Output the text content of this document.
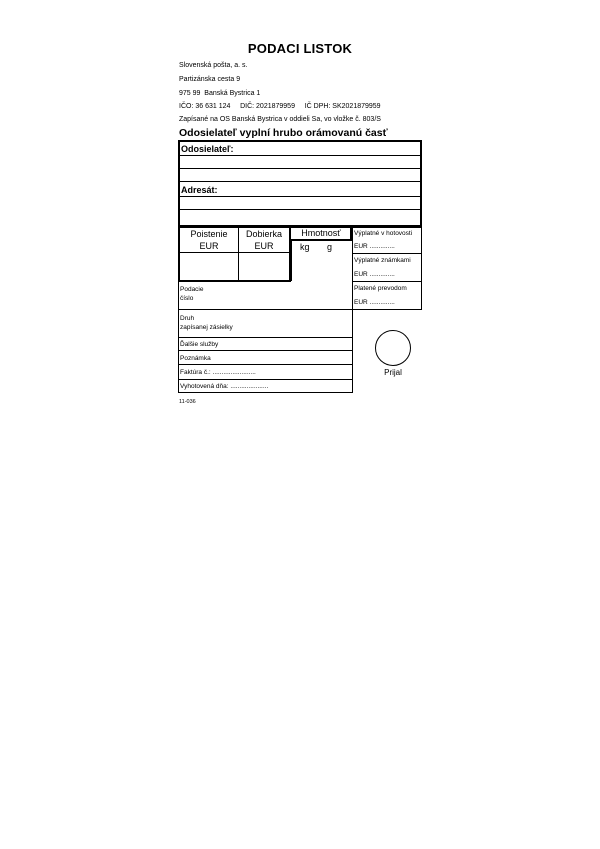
PODACI LISTOK
Slovenská pošta, a. s.
Partizánska cesta 9
975 99  Banská Bystrica 1
IČO: 36 631 124     DIČ: 2021879959     IČ DPH: SK2021879959
Zapísané na OS Banská Bystrica v oddieli Sa, vo vložke č. 803/S
Odosielateľ vyplní hrubo orámovanú časť
Odosielateľ:
Adresát:
Poistenie
EUR
Dobierka
EUR
Hmotnosť
kg g
Výplatné v hotovosti
EUR ..............
Výplatné známkami
EUR ..............
Platené prevodom
EUR ..............
Podacie
číslo
Druh
zapísanej zásielky
Ďalšie služby
Poznámka
Faktúra č.: ........................
Vyhotovená dňa: .....................
Prijal
11-036
